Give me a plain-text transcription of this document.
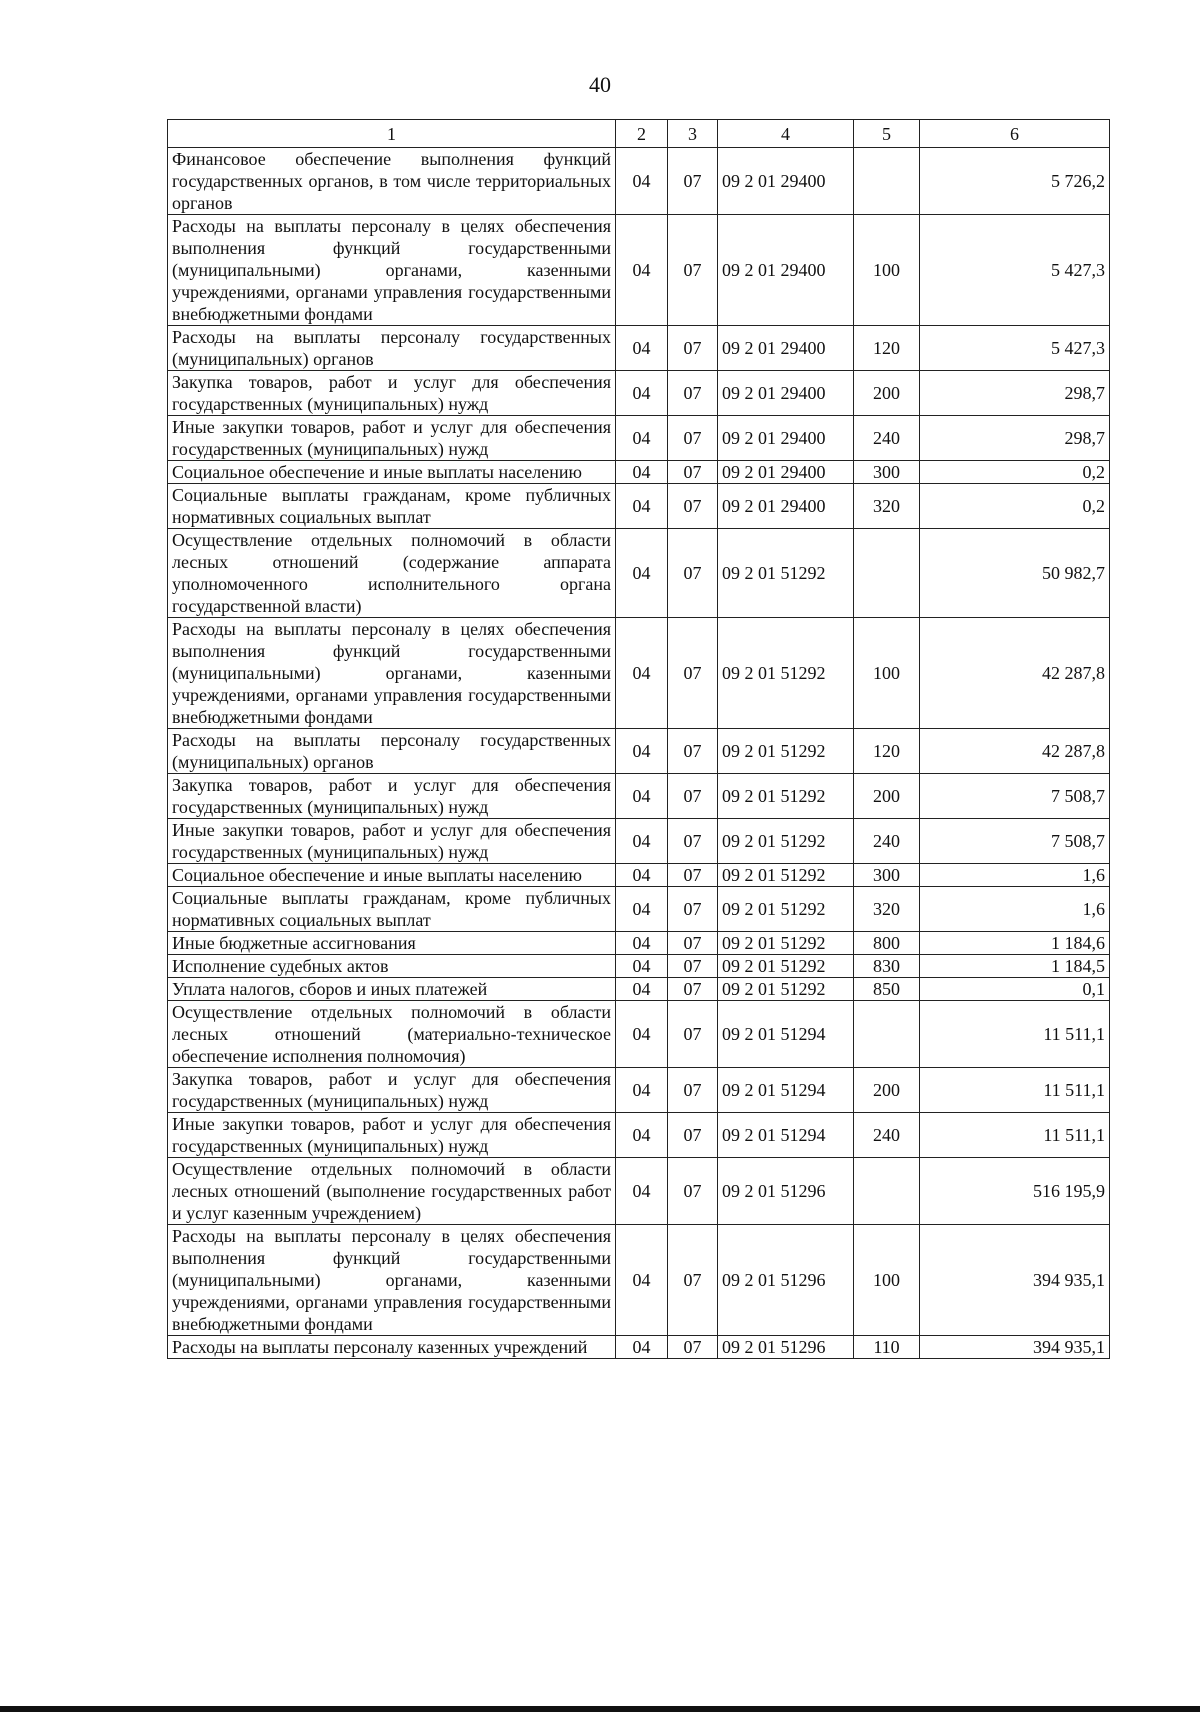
40
1	2	3	4	5	6
Финансовое обеспечение выполнения функций государственных органов, в том числе территориальных органов	04	07	09 2 01 29400		5 726,2
Расходы на выплаты персоналу в целях обеспечения выполнения функций государственными (муниципальными) органами, казенными учреждениями, органами управления государственными внебюджетными фондами	04	07	09 2 01 29400	100	5 427,3
Расходы на выплаты персоналу государственных (муниципальных) органов	04	07	09 2 01 29400	120	5 427,3
Закупка товаров, работ и услуг для обеспечения государственных (муниципальных) нужд	04	07	09 2 01 29400	200	298,7
Иные закупки товаров, работ и услуг для обеспечения государственных (муниципальных) нужд	04	07	09 2 01 29400	240	298,7
Социальное обеспечение и иные выплаты населению	04	07	09 2 01 29400	300	0,2
Социальные выплаты гражданам, кроме публичных нормативных социальных выплат	04	07	09 2 01 29400	320	0,2
Осуществление отдельных полномочий в области лесных отношений (содержание аппарата уполномоченного исполнительного органа государственной власти)	04	07	09 2 01 51292		50 982,7
Расходы на выплаты персоналу в целях обеспечения выполнения функций государственными (муниципальными) органами, казенными учреждениями, органами управления государственными внебюджетными фондами	04	07	09 2 01 51292	100	42 287,8
Расходы на выплаты персоналу государственных (муниципальных) органов	04	07	09 2 01 51292	120	42 287,8
Закупка товаров, работ и услуг для обеспечения государственных (муниципальных) нужд	04	07	09 2 01 51292	200	7 508,7
Иные закупки товаров, работ и услуг для обеспечения государственных (муниципальных) нужд	04	07	09 2 01 51292	240	7 508,7
Социальное обеспечение и иные выплаты населению	04	07	09 2 01 51292	300	1,6
Социальные выплаты гражданам, кроме публичных нормативных социальных выплат	04	07	09 2 01 51292	320	1,6
Иные бюджетные ассигнования	04	07	09 2 01 51292	800	1 184,6
Исполнение судебных актов	04	07	09 2 01 51292	830	1 184,5
Уплата налогов, сборов и иных платежей	04	07	09 2 01 51292	850	0,1
Осуществление отдельных полномочий в области лесных отношений (материально-техническое обеспечение исполнения полномочия)	04	07	09 2 01 51294		11 511,1
Закупка товаров, работ и услуг для обеспечения государственных (муниципальных) нужд	04	07	09 2 01 51294	200	11 511,1
Иные закупки товаров, работ и услуг для обеспечения государственных (муниципальных) нужд	04	07	09 2 01 51294	240	11 511,1
Осуществление отдельных полномочий в области лесных отношений (выполнение государственных работ и услуг казенным учреждением)	04	07	09 2 01 51296		516 195,9
Расходы на выплаты персоналу в целях обеспечения выполнения функций государственными (муниципальными) органами, казенными учреждениями, органами управления государственными внебюджетными фондами	04	07	09 2 01 51296	100	394 935,1
Расходы на выплаты персоналу казенных учреждений	04	07	09 2 01 51296	110	394 935,1
